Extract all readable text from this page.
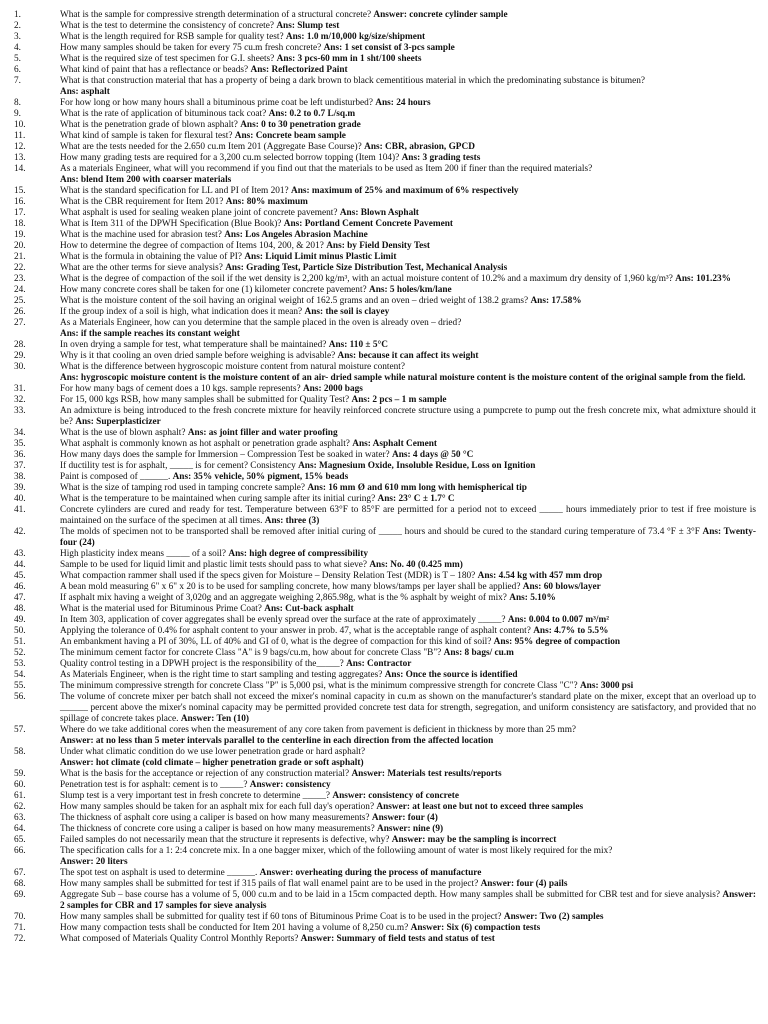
1.	What is the sample for compressive strength determination of a structural concrete? Answer: concrete cylinder sample
2.	What is the test to determine the consistency of concrete? Ans: Slump test
3.	What is the length required for RSB sample for quality test? Ans: 1.0 m/10,000 kg/size/shipment
4.	How many samples should be taken for every 75 cu.m fresh concrete? Ans: 1 set consist of 3-pcs sample
5.	What is the required size of test specimen for G.I. sheets? Ans: 3 pcs-60 mm in 1 sht/100 sheets
6.	What kind of paint that has a reflectance or beads? Ans: Reflectorized Paint
7.	What is that construction material that has a property of being a dark brown to black cementitious material in which the predominating substance is bitumen?
Ans: asphalt
8.	For how long or how many hours shall a bituminous prime coat be left undisturbed? Ans: 24 hours
9.	What is the rate of application of bituminous tack coat? Ans: 0.2 to 0.7 L/sq.m
10.	What is the penetration grade of blown asphalt? Ans: 0 to 30 penetration grade
11.	What kind of sample is taken for flexural test? Ans: Concrete beam sample
12.	What are the tests needed for the 2.650 cu.m Item 201 (Aggregate Base Course)? Ans: CBR, abrasion, GPCD
13.	How many grading tests are required for a 3,200 cu.m selected borrow topping (Item 104)? Ans: 3 grading tests
14.	As a materials Engineer, what will you recommend if you find out that the materials to be used as Item 200 if finer than the required materials?
Ans: blend Item 200 with coarser materials
15.	What is the standard specification for LL and PI of Item 201? Ans: maximum of 25% and maximum of 6% respectively
16.	What is the CBR requirement for Item 201? Ans: 80% maximum
17.	What asphalt is used for sealing weaken plane joint of concrete pavement? Ans: Blown Asphalt
18.	What is Item 311 of the DPWH Specification (Blue Book)? Ans: Portland Cement Concrete Pavement
19.	What is the machine used for abrasion test? Ans: Los Angeles Abrasion Machine
20.	How to determine the degree of compaction of Items 104, 200, & 201? Ans: by Field Density Test
21.	What is the formula in obtaining the value of PI? Ans: Liquid Limit minus Plastic Limit
22.	What are the other terms for sieve analysis? Ans: Grading Test, Particle Size Distribution Test, Mechanical Analysis
23.	What is the degree of compaction of the soil if the wet density is 2,200 kg/m³, with an actual moisture content of 10.2% and a maximum dry density of 1,960 kg/m³? Ans: 101.23%
24.	How many concrete cores shall be taken for one (1) kilometer concrete pavement? Ans: 5 holes/km/lane
25.	What is the moisture content of the soil having an original weight of 162.5 grams and an oven – dried weight of 138.2 grams? Ans: 17.58%
26.	If the group index of a soil is high, what indication does it mean? Ans: the soil is clayey
27.	As a Materials Engineer, how can you determine that the sample placed in the oven is already oven – dried?
Ans: if the sample reaches its constant weight
28.	In oven drying a sample for test, what temperature shall be maintained? Ans: 110 ± 5°C
29.	Why is it that cooling an oven dried sample before weighing is advisable? Ans: because it can affect its weight
30.	What is the difference between hygroscopic moisture content from natural moisture content?
Ans: hygroscopic moisture content is the moisture content of an air- dried sample while natural moisture content is the moisture content of the original sample from the field.
31.	For how many bags of cement does a 10 kgs. sample represents? Ans: 2000 bags
32.	For 15, 000 kgs RSB, how many samples shall be submitted for Quality Test? Ans: 2 pcs – 1 m sample
33.	An admixture is being introduced to the fresh concrete mixture for heavily reinforced concrete structure using a pumpcrete to pump out the fresh concrete mix, what admixture should it be? Ans: Superplasticizer
34.	What is the use of blown asphalt? Ans: as joint filler and water proofing
35.	What asphalt is commonly known as hot asphalt or penetration grade asphalt? Ans: Asphalt Cement
36.	How many days does the sample for Immersion – Compression Test be soaked in water? Ans: 4 days @ 50 °C
37.	If ductility test is for asphalt, _____ is for cement? Consistency Ans: Magnesium Oxide, Insoluble Residue, Loss on Ignition
38.	Paint is composed of ______. Ans: 35% vehicle, 50% pigment, 15% beads
39.	What is the size of tamping rod used in tamping concrete sample? Ans: 16 mm Ø and 610 mm long with hemispherical tip
40.	What is the temperature to be maintained when curing sample after its initial curing? Ans: 23° C ± 1.7° C
41.	Concrete cylinders are cured and ready for test. Temperature between 63°F to 85°F are permitted for a period not to exceed _____ hours immediately prior to test if free moisture is maintained on the surface of the specimen at all times. Ans: three (3)
42.	The molds of specimen not to be transported shall be removed after initial curing of _____ hours and should be cured to the standard curing temperature of 73.4 °F ± 3°F Ans: Twenty-four (24)
43.	High plasticity index means _____ of a soil? Ans: high degree of compressibility
44.	Sample to be used for liquid limit and plastic limit tests should pass to what sieve? Ans: No. 40 (0.425 mm)
45.	What compaction rammer shall used if the specs given for Moisture – Density Relation Test (MDR) is T – 180? Ans: 4.54 kg with 457 mm drop
46.	A bean mold measuring 6" x 6" x 20 is to be used for sampling concrete, how many blows/tamps per layer shall be applied? Ans: 60 blows/layer
47.	If asphalt mix having a weight of 3,020g and an aggregate weighing 2,865.98g, what is the % asphalt by weight of mix? Ans: 5.10%
48.	What is the material used for Bituminous Prime Coat? Ans: Cut-back asphalt
49.	In Item 303, application of cover aggregates shall be evenly spread over the surface at the rate of approximately _____? Ans: 0.004 to 0.007 m³/m²
50.	Applying the tolerance of 0.4% for asphalt content to your answer in prob. 47, what is the acceptable range of asphalt content? Ans: 4.7% to 5.5%
51.	An embankment having a PI of 30%, LL of 40% and GI of 0, what is the degree of compaction for this kind of soil? Ans: 95% degree of compaction
52.	The minimum cement factor for concrete Class "A" is 9 bags/cu.m, how about for concrete Class "B"? Ans: 8 bags/ cu.m
53.	Quality control testing in a DPWH project is the responsibility of the_____? Ans: Contractor
54.	As Materials Engineer, when is the right time to start sampling and testing aggregates? Ans: Once the source is identified
55.	The minimum compressive strength for concrete Class "P" is 5,000 psi, what is the minimum compressive strength for concrete Class "C"? Ans: 3000 psi
56.	The volume of concrete mixer per batch shall not exceed the mixer's nominal capacity in cu.m as shown on the manufacturer's standard plate on the mixer, except that an overload up to ______ percent above the mixer's nominal capacity may be permitted provided concrete test data for strength, segregation, and uniform consistency are satisfactory, and provided that no spillage of concrete takes place. Answer: Ten (10)
57.	Where do we take additional cores when the measurement of any core taken from pavement is deficient in thickness by more than 25 mm?
Answer: at no less than 5 meter intervals parallel to the centerline in each direction from the affected location
58.	Under what climatic condition do we use lower penetration grade or hard asphalt?
Answer: hot climate (cold climate – higher penetration grade or soft asphalt)
59.	What is the basis for the acceptance or rejection of any construction material? Answer: Materials test results/reports
60.	Penetration test is for asphalt: cement is to _____? Answer: consistency
61.	Slump test is a very important test in fresh concrete to determine _____? Answer: consistency of concrete
62.	How many samples should be taken for an asphalt mix for each full day's operation? Answer: at least one but not to exceed three samples
63.	The thickness of asphalt core using a caliper is based on how many measurements? Answer: four (4)
64.	The thickness of concrete core using a caliper is based on how many measurements? Answer: nine (9)
65.	Failed samples do not necessarily mean that the structure it represents is defective, why? Answer: may be the sampling is incorrect
66.	The specification calls for a 1: 2:4 concrete mix. In a one bagger mixer, which of the followiing amount of water is most likely required for the mix?
Answer: 20 liters
67.	The spot test on asphalt is used to determine ______. Answer: overheating during the process of manufacture
68.	How many samples shall be submitted for test if 315 pails of flat wall enamel paint are to be used in the project? Answer: four (4) pails
69.	Aggregate Sub – base course has a volume of 5, 000 cu.m and to be laid in a 15cm compacted depth. How many samples shall be submitted for CBR test and for sieve analysis? Answer: 2 samples for CBR and 17 samples for sieve analysis
70.	How many samples shall be submitted for quality test if 60 tons of Bituminous Prime Coat is to be used in the project? Answer: Two (2) samples
71.	How many compaction tests shall be conducted for Item 201 having a volume of 8,250 cu.m? Answer: Six (6) compaction tests
72.	What composed of Materials Quality Control Monthly Reports? Answer: Summary of field tests and status of test
